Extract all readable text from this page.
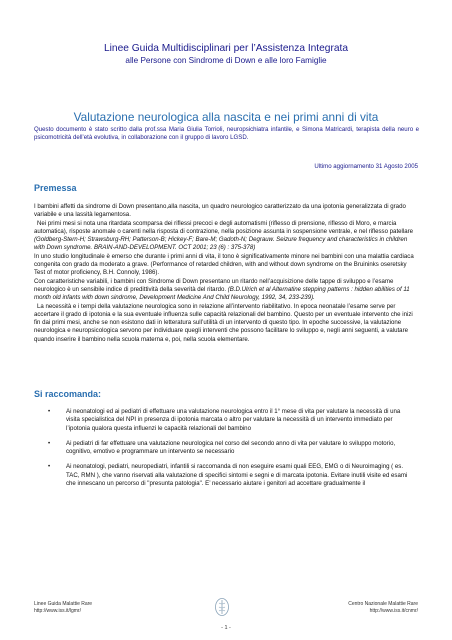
Linee Guida Multidisciplinari per l’Assistenza Integrata
alle Persone con Sindrome di Down e alle loro Famiglie
Valutazione neurologica alla nascita e nei primi anni di vita
Questo documento è stato scritto dalla prof.ssa Maria Giulia Torrioli, neuropsichiatra infantile, e Simona Matricardi, terapista della neuro e psicomotricità dell’età evolutiva, in collaborazione con il gruppo di lavoro LGSD.
Ultimo aggiornamento 31 Agosto 2005
Premessa

I bambini affetti da sindrome di Down presentano,alla nascita, un quadro neurologico caratterizzato da una ipotonia generalizzata di grado variabile e una lassità legamentosa.

Nei primi mesi si nota una ritardata scomparsa dei riflessi precoci e degli automatismi (riflesso di prensione, riflesso di Moro, e marcia automatica), risposte anomale o carenti nella risposta di contrazione, nella posizione assunta in sospensione ventrale, e nel riflesso patellare (Goldberg-Stern-H; Strawsburg-RH; Patterson-B; Hickey-F; Bare-M; Gadoth-N; Degrauw. Seizure frequency and characteristics in children with Down syndrome. BRAIN-AND-DEVELOPMENT. OCT 2001; 23 (6) : 375-378)

In uno studio longitudinale è emerso che durante i primi anni di vita, il tono è significativamente minore nei bambini con una malattia cardiaca congenita con grado da moderato a grave. (Performance of retarded children, with and without down syndrome on the Bruininks oseretsky Test of motor proficiency, B.H. Connoly, 1986).

Con caratteristiche variabili, i bambini con Sindrome di Down presentano un ritardo nell’acquisizione delle tappe di sviluppo e l’esame neurologico è un sensibile indice di predittività della severità del ritardo. (B.D.Ulrich et al Alternatine stepping patterns : hidden abilities of 11 month old infants with down sindrome, Development Medicine And Child Neurology, 1992, 34, 233-239).

La necessità e i tempi della valutazione neurologica sono in relazione all’intervento riabilitativo. In epoca neonatale l’esame serve per accertare il grado di ipotonia e la sua eventuale influenza sulle capacità relazionali del bambino. Questo per un eventuale intervento che inizi fin dai primi mesi, anche se non esistono dati in letteratura sull’utilità di un intervento di questo tipo. In epoche successive, la valutazione neurologica e neuropsicologica servono per individuare quegli interventi che possono facilitare lo sviluppo e, negli anni seguenti, a valutare quando inserire il bambino nella scuola materna e, poi, nella scuola elementare.

Si raccomanda:
•	Ai neonatologi ed ai pediatri di effettuare una valutazione neurologica entro il 1° mese di vita per valutare la necessità di una visita specialistica del NPI in presenza di ipotonia marcata o altro per valutare la necessità di un intervento immediato per l’ipotonia qualora questa influenzi le capacità relazionali del bambino
•	Ai pediatri di far effettuare una valutazione neurologica nel corso del secondo anno di vita per valutare lo sviluppo motorio, cognitivo, emotivo e programmare un intervento se necessario
•	Ai neonatologi, pediatri, neuropediatri, infantili si raccomanda di non eseguire esami quali EEG, EMG o di Neuroimaging ( es. TAC, RMN ), che vanno riservati alla valutazione di specifici sintomi e segni e di marcata ipotonia. Evitare inutili visite ed esami che innescano un percorso di "presunta patologia". E’ necessario aiutare i genitori ad accettare gradualmente il
Linee Guida Malattie Rare
http://www.iss.it/lgmr/
Centro Nazionale Malattie Rare
http://www.iss.it/cnmr/
- 1 -
